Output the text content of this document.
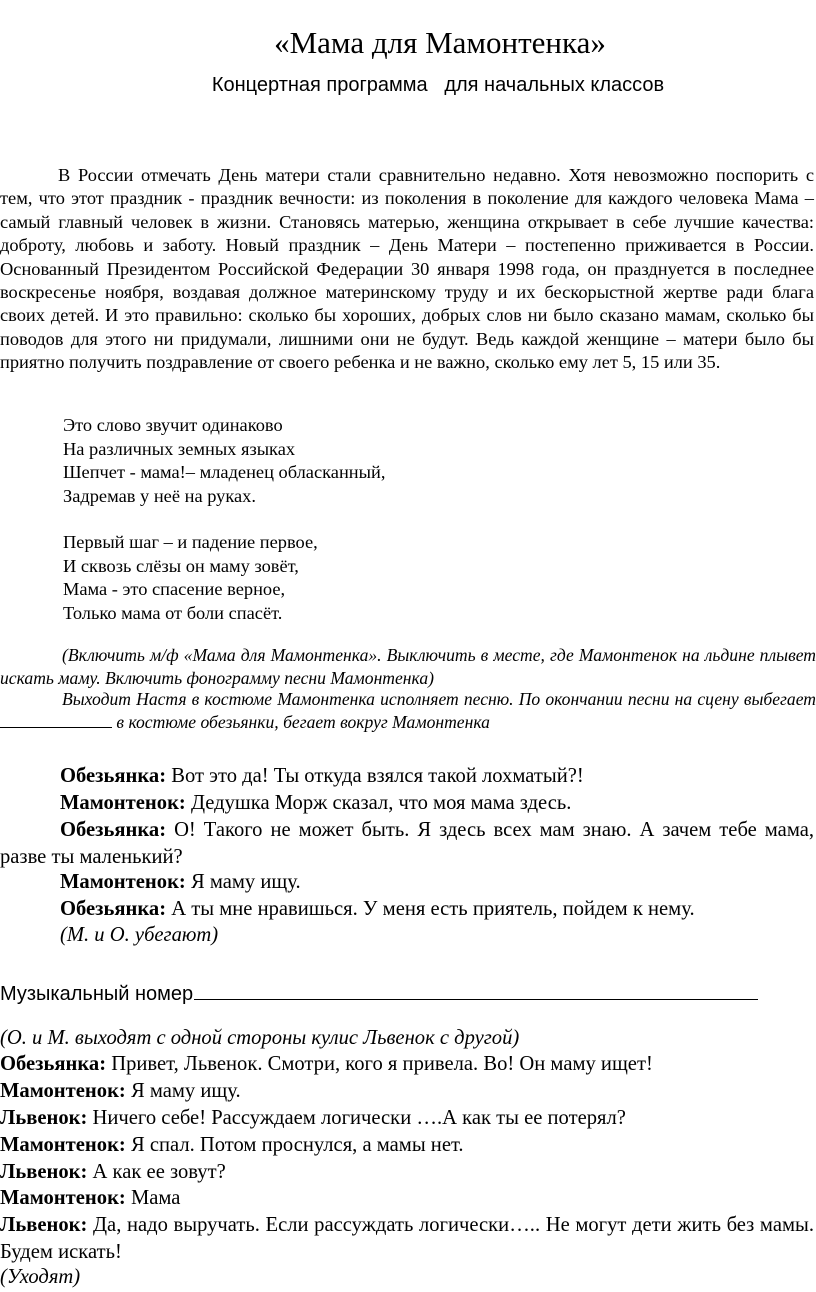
«Мама для Мамонтенка»
Концертная программа   для начальных классов

В России отмечать День матери стали сравнительно недавно. Хотя невозможно поспорить с тем, что этот праздник - праздник вечности: из поколения в поколение для каждого человека Мама – самый главный человек в жизни. Становясь матерью, женщина открывает в себе лучшие качества: доброту, любовь и заботу. Новый праздник – День Матери – постепенно приживается в России. Основанный Президентом Российской Федерации 30 января 1998 года, он празднуется в последнее воскресенье ноября, воздавая должное материнскому труду и их бескорыстной жертве ради блага своих детей. И это правильно: сколько бы хороших, добрых слов ни было сказано мамам, сколько бы поводов для этого ни придумали, лишними они не будут. Ведь каждой женщине – матери было бы приятно получить поздравление от своего ребенка и не важно, сколько ему лет 5, 15 или 35.

Это слово звучит одинаково
На различных земных языках
Шепчет - мама!– младенец обласканный,
Задремав у неё на руках.
Первый шаг – и падение первое,
И сквозь слёзы он маму зовёт,
Мама - это спасение верное,
Только мама от боли спасёт.

(Включить м/ф «Мама для Мамонтенка». Выключить в месте, где Мамонтенок на льдине плывет искать маму. Включить фонограмму песни Мамонтенка)

Выходит Настя в костюме Мамонтенка исполняет песню. По окончании песни на сцену выбегает  в костюме обезьянки, бегает вокруг Мамонтенка

Обезьянка: Вот это да! Ты откуда взялся такой лохматый?!

Мамонтенок: Дедушка Морж сказал, что моя мама здесь.

Обезьянка: О! Такого не может быть. Я здесь всех мам знаю. А зачем тебе мама, разве ты маленький?

Мамонтенок: Я маму ищу.

Обезьянка: А ты мне нравишься. У меня есть приятель, пойдем к нему.

(М. и О. убегают)

Музыкальный номер

(О. и М. выходят с одной стороны кулис Львенок с другой)

Обезьянка: Привет, Львенок. Смотри, кого я привела. Во! Он маму ищет!

Мамонтенок: Я маму ищу.

Львенок: Ничего себе! Рассуждаем логически ….А как ты ее потерял?

Мамонтенок: Я спал. Потом проснулся, а мамы нет.

Львенок: А как ее зовут?

Мамонтенок: Мама

Львенок: Да, надо выручать. Если рассуждать логически….. Не могут дети жить без мамы. Будем искать!

(Уходят)
